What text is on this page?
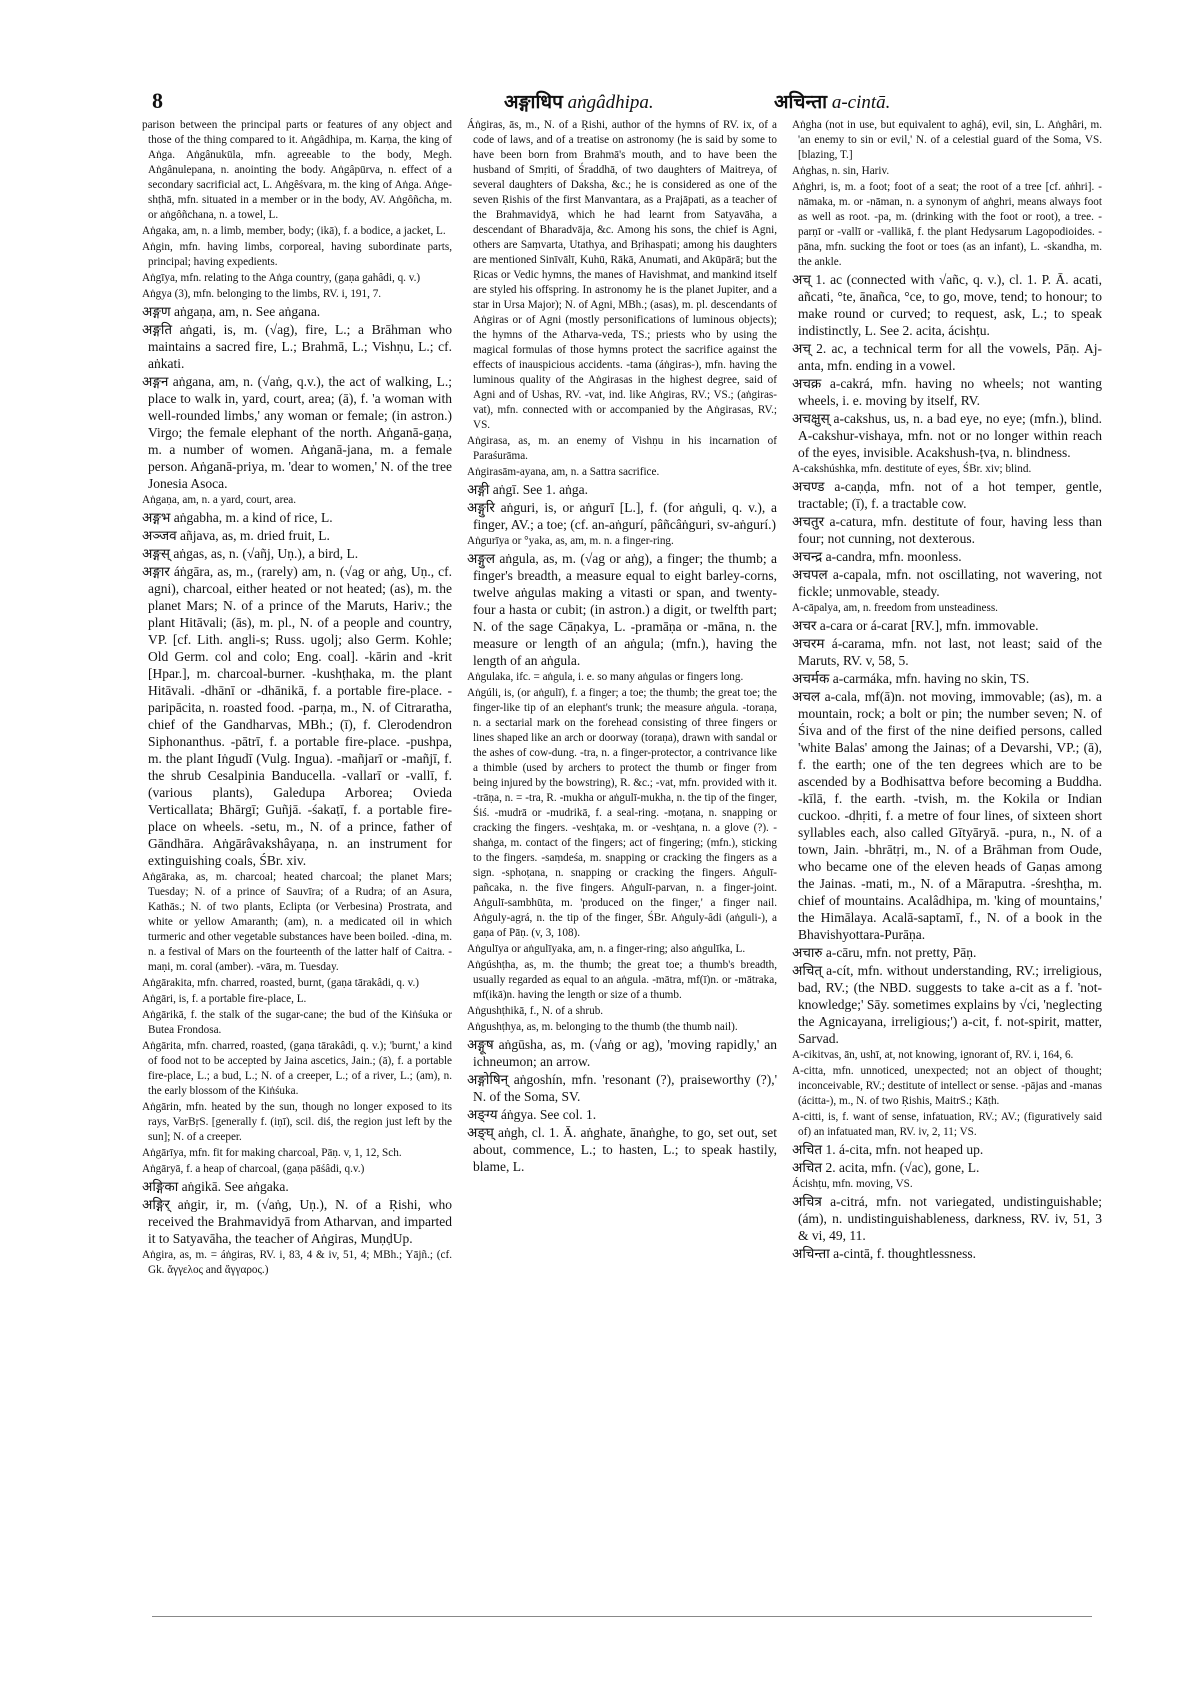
8	अङ्गाधिप aṅgâdhipa.	अचिन्ता a-cintā.

parison between the principal parts or features of any object and those of the thing compared to it. Aṅgâdhipa, m. Karṇa, the king of Aṅga. Aṅgânukūla, mfn. agreeable to the body, Megh. Aṅgânulepana, n. anointing the body. Aṅgâpūrva, n. effect of a secondary sacrificial act, L. Aṅgêśvara, m. the king of Aṅga. Aṅge-shṭhā, mfn. situated in a member or in the body, AV. Aṅgôñcha, m. or aṅgôñchana, n. a towel, L.

Aṅgaka, am, n. a limb, member, body; (ikā), f. a bodice, a jacket, L.

Aṅgin, mfn. having limbs, corporeal, having subordinate parts, principal; having expedients.

Aṅgīya, mfn. relating to the Aṅga country, (gaṇa gahâdi, q. v.)

Aṅgya (3), mfn. belonging to the limbs, RV. i, 191, 7.

अङ्गण aṅgaṇa, am, n. See aṅgana.

अङ्गति aṅgati, is, m. (√ag), fire, L.; a Brāhman who maintains a sacred fire, L.; Brahmā, L.; Vishṇu, L.; cf. aṅkati.

अङ्गन aṅgana, am, n. (√aṅg, q.v.), the act of walking, L.; place to walk in, yard, court, area; (ā), f. 'a woman with well-rounded limbs,' any woman or female; (in astron.) Virgo; the female elephant of the north. Aṅganā-gaṇa, m. a number of women. Aṅganā-jana, m. a female person. Aṅganā-priya, m. 'dear to women,' N. of the tree Jonesia Asoca.

Aṅgaṇa, am, n. a yard, court, area.

अङ्गभ aṅgabha, m. a kind of rice, L.

अञ्जव añjava, as, m. dried fruit, L.

अङ्गस् aṅgas, as, n. (√añj, Uṇ.), a bird, L.

अङ्गार áṅgāra, as, m., (rarely) am, n. (√ag or aṅg, Uṇ., cf. agni), charcoal, either heated or not heated; (as), m. the planet Mars; N. of a prince of the Maruts, Hariv.; the plant Hitāvali; (ās), m. pl., N. of a people and country, VP. [cf. Lith. angli-s; Russ. ugolj; also Germ. Kohle; Old Germ. col and colo; Eng. coal]. -kārin and -krit [Hpar.], m. charcoal-burner. -kushṭhaka, m. the plant Hitāvali. -dhānī or -dhānikā, f. a portable fire-place. -paripācita, n. roasted food. -parṇa, m., N. of Citraratha, chief of the Gandharvas, MBh.; (ī), f. Clerodendron Siphonanthus. -pātrī, f. a portable fire-place. -pushpa, m. the plant Iṅgudī (Vulg. Ingua). -mañjarī or -mañjī, f. the shrub Cesalpinia Banducella. -vallarī or -vallī, f. (various plants), Galedupa Arborea; Ovieda Verticallata; Bhārgī; Guñjā. -śakaṭī, f. a portable fire-place on wheels. -setu, m., N. of a prince, father of Gāndhāra. Aṅgārâvakshâyaṇa, n. an instrument for extinguishing coals, ŚBr. xiv.

Aṅgāraka, as, m. charcoal; heated charcoal; the planet Mars; Tuesday; N. of a prince of Sauvīra; of a Rudra; of an Asura, Kathās.; N. of two plants, Eclipta (or Verbesina) Prostrata, and white or yellow Amaranth; (am), n. a medicated oil in which turmeric and other vegetable substances have been boiled. -dina, m. n. a festival of Mars on the fourteenth of the latter half of Caitra. -maṇi, m. coral (amber). -vāra, m. Tuesday.

Aṅgārakita, mfn. charred, roasted, burnt, (gaṇa tārakâdi, q. v.)

Aṅgāri, is, f. a portable fire-place, L.

Aṅgārikā, f. the stalk of the sugar-cane; the bud of the Kiṅśuka or Butea Frondosa.

Aṅgārita, mfn. charred, roasted, (gaṇa tārakâdi, q. v.); 'burnt,' a kind of food not to be accepted by Jaina ascetics, Jain.; (ā), f. a portable fire-place, L.; a bud, L.; N. of a creeper, L.; of a river, L.; (am), n. the early blossom of the Kiṅśuka.

Aṅgārin, mfn. heated by the sun, though no longer exposed to its rays, VarBṛS. [generally f. (iṇī), scil. diś, the region just left by the sun]; N. of a creeper.

Aṅgārīya, mfn. fit for making charcoal, Pāṇ. v, 1, 12, Sch.

Aṅgāryā, f. a heap of charcoal, (gaṇa pāśâdi, q.v.)

अङ्गिका aṅgikā. See aṅgaka.

अङ्गिर् aṅgir, ir, m. (√aṅg, Uṇ.), N. of a Ṛishi, who received the Brahmavidyā from Atharvan, and imparted it to Satyavāha, the teacher of Aṅgiras, MuṇḍUp.

Aṅgira, as, m. = áṅgiras, RV. i, 83, 4 & iv, 51, 4; MBh.; Yājñ.; (cf. Gk. ἄγγελος and ἄγγαρος.)

Áṅgiras, ās, m., N. of a Ṛishi, author of the hymns of RV. ix, of a code of laws, and of a treatise on astronomy (he is said by some to have been born from Brahmā's mouth, and to have been the husband of Smṛiti, of Śraddhā, of two daughters of Maitreya, of several daughters of Daksha, &c.; he is considered as one of the seven Ṛishis of the first Manvantara, as a Prajāpati, as a teacher of the Brahmavidyā, which he had learnt from Satyavāha, a descendant of Bharadvāja, &c. Among his sons, the chief is Agni, others are Saṃvarta, Utathya, and Bṛihaspati; among his daughters are mentioned Sinīvālī, Kuhū, Rākā, Anumati, and Akūpārā; but the Ṛicas or Vedic hymns, the manes of Havishmat, and mankind itself are styled his offspring. In astronomy he is the planet Jupiter, and a star in Ursa Major); N. of Agni, MBh.; (asas), m. pl. descendants of Aṅgiras or of Agni (mostly personifications of luminous objects); the hymns of the Atharva-veda, TS.; priests who by using the magical formulas of those hymns protect the sacrifice against the effects of inauspicious accidents. -tama (áṅgiras-), mfn. having the luminous quality of the Aṅgirasas in the highest degree, said of Agni and of Ushas, RV. -vat, ind. like Aṅgiras, RV.; VS.; (aṅgiras-vat), mfn. connected with or accompanied by the Aṅgirasas, RV.; VS.

Aṅgirasa, as, m. an enemy of Vishṇu in his incarnation of Paraśurāma.

Aṅgirasām-ayana, am, n. a Sattra sacrifice.

अङ्गी aṅgī. See 1. aṅga.

अङ्गुरि aṅguri, is, or aṅgurī [L.], f. (for aṅguli, q. v.), a finger, AV.; a toe; (cf. an-aṅgurí, pâñcâṅguri, sv-aṅgurí.)

Aṅgurīya or °yaka, as, am, m. n. a finger-ring.

अङ्गुल aṅgula, as, m. (√ag or aṅg), a finger; the thumb; a finger's breadth, a measure equal to eight barley-corns, twelve aṅgulas making a vitasti or span, and twenty-four a hasta or cubit; (in astron.) a digit, or twelfth part; N. of the sage Cāṇakya, L. -pramāṇa or -māna, n. the measure or length of an aṅgula; (mfn.), having the length of an aṅgula.

Aṅgulaka, ifc. = aṅgula, i. e. so many aṅgulas or fingers long.

Aṅgúli, is, (or aṅgulī), f. a finger; a toe; the thumb; the great toe; the finger-like tip of an elephant's trunk; the measure aṅgula. -toraṇa, n. a sectarial mark on the forehead consisting of three fingers or lines shaped like an arch or doorway (toraṇa), drawn with sandal or the ashes of cow-dung. -tra, n. a finger-protector, a contrivance like a thimble (used by archers to protect the thumb or finger from being injured by the bowstring), R. &c.; -vat, mfn. provided with it. -trāṇa, n. = -tra, R. -mukha or aṅgulī-mukha, n. the tip of the finger, Śiś. -mudrā or -mudrikā, f. a seal-ring. -moṭana, n. snapping or cracking the fingers. -veshṭaka, m. or -veshṭana, n. a glove (?). -shaṅga, m. contact of the fingers; act of fingering; (mfn.), sticking to the fingers. -saṃdeśa, m. snapping or cracking the fingers as a sign. -sphoṭana, n. snapping or cracking the fingers. Aṅgulī-pañcaka, n. the five fingers. Aṅgulī-parvan, n. a finger-joint. Aṅgulī-sambhūta, m. 'produced on the finger,' a finger nail. Aṅguly-agrá, n. the tip of the finger, ŚBr. Aṅguly-âdi (aṅguli-), a gaṇa of Pāṇ. (v, 3, 108).

Aṅgulīya or aṅgulīyaka, am, n. a finger-ring; also aṅgulīka, L.

Aṅgúshṭha, as, m. the thumb; the great toe; a thumb's breadth, usually regarded as equal to an aṅgula. -mātra, mf(ī)n. or -mātraka, mf(ikā)n. having the length or size of a thumb.

Aṅgushṭhikā, f., N. of a shrub.

Aṅgushṭhya, as, m. belonging to the thumb (the thumb nail).

अङ्गूष aṅgūsha, as, m. (√aṅg or ag), 'moving rapidly,' an ichneumon; an arrow.

अङ्गोषिन् aṅgoshín, mfn. 'resonant (?), praiseworthy (?),' N. of the Soma, SV.

अङ्ग्य áṅgya. See col. 1.

अङ्घ् aṅgh, cl. 1. Ā. aṅghate, ānaṅghe, to go, set out, set about, commence, L.; to hasten, L.; to speak hastily, blame, L.

Aṅgha (not in use, but equivalent to aghá), evil, sin, L. Aṅghâri, m. 'an enemy to sin or evil,' N. of a celestial guard of the Soma, VS. [blazing, T.]

Aṅghas, n. sin, Hariv.

Aṅghri, is, m. a foot; foot of a seat; the root of a tree [cf. aṅhri]. -nāmaka, m. or -nāman, n. a synonym of aṅghri, means always foot as well as root. -pa, m. (drinking with the foot or root), a tree. -parṇī or -vallī or -vallikā, f. the plant Hedysarum Lagopodioides. -pāna, mfn. sucking the foot or toes (as an infant), L. -skandha, m. the ankle.

अच् 1. ac (connected with √añc, q. v.), cl. 1. P. Ā. acati, añcati, °te, ānañca, °ce, to go, move, tend; to honour; to make round or curved; to request, ask, L.; to speak indistinctly, L. See 2. acita, ácishṭu.

अच् 2. ac, a technical term for all the vowels, Pāṇ. Aj-anta, mfn. ending in a vowel.

अचक्र a-cakrá, mfn. having no wheels; not wanting wheels, i. e. moving by itself, RV.

अचक्षुस् a-cakshus, us, n. a bad eye, no eye; (mfn.), blind. A-cakshur-vishaya, mfn. not or no longer within reach of the eyes, invisible. Acakshush-ṭva, n. blindness.

A-cakshúshka, mfn. destitute of eyes, ŚBr. xiv; blind.

अचण्ड a-caṇḍa, mfn. not of a hot temper, gentle, tractable; (ī), f. a tractable cow.

अचतुर a-catura, mfn. destitute of four, having less than four; not cunning, not dexterous.

अचन्द्र a-candra, mfn. moonless.

अचपल a-capala, mfn. not oscillating, not wavering, not fickle; unmovable, steady.

A-cāpalya, am, n. freedom from unsteadiness.

अचर a-cara or á-carat [RV.], mfn. immovable.

अचरम á-carama, mfn. not last, not least; said of the Maruts, RV. v, 58, 5.

अचर्मक a-carmáka, mfn. having no skin, TS.

अचल a-cala, mf(ā)n. not moving, immovable; (as), m. a mountain, rock; a bolt or pin; the number seven; N. of Śiva and of the first of the nine deified persons, called 'white Balas' among the Jainas; of a Devarshi, VP.; (ā), f. the earth; one of the ten degrees which are to be ascended by a Bodhisattva before becoming a Buddha. -kīlā, f. the earth. -tvish, m. the Kokila or Indian cuckoo. -dhṛiti, f. a metre of four lines, of sixteen short syllables each, also called Gītyāryā. -pura, n., N. of a town, Jain. -bhrātṛi, m., N. of a Brāhman from Oude, who became one of the eleven heads of Gaṇas among the Jainas. -mati, m., N. of a Māraputra. -śreshṭha, m. chief of mountains. Acalâdhipa, m. 'king of mountains,' the Himālaya. Acalā-saptamī, f., N. of a book in the Bhavishyottara-Purāṇa.

अचारु a-cāru, mfn. not pretty, Pāṇ.

अचित् a-cít, mfn. without understanding, RV.; irreligious, bad, RV.; (the NBD. suggests to take a-cit as a f. 'not-knowledge;' Sāy. sometimes explains by √ci, 'neglecting the Agnicayana, irreligious;') a-cit, f. not-spirit, matter, Sarvad.

A-cikitvas, ān, ushī, at, not knowing, ignorant of, RV. i, 164, 6.

A-citta, mfn. unnoticed, unexpected; not an object of thought; inconceivable, RV.; destitute of intellect or sense. -pājas and -manas (ácitta-), m., N. of two Ṛishis, MaitrS.; Kāṭh.

A-citti, is, f. want of sense, infatuation, RV.; AV.; (figuratively said of) an infatuated man, RV. iv, 2, 11; VS.

अचित 1. á-cita, mfn. not heaped up.

अचित 2. acita, mfn. (√ac), gone, L.

Ácishṭu, mfn. moving, VS.

अचित्र a-citrá, mfn. not variegated, undistinguishable; (ám), n. undistinguishableness, darkness, RV. iv, 51, 3 & vi, 49, 11.

अचिन्ता a-cintā, f. thoughtlessness.
